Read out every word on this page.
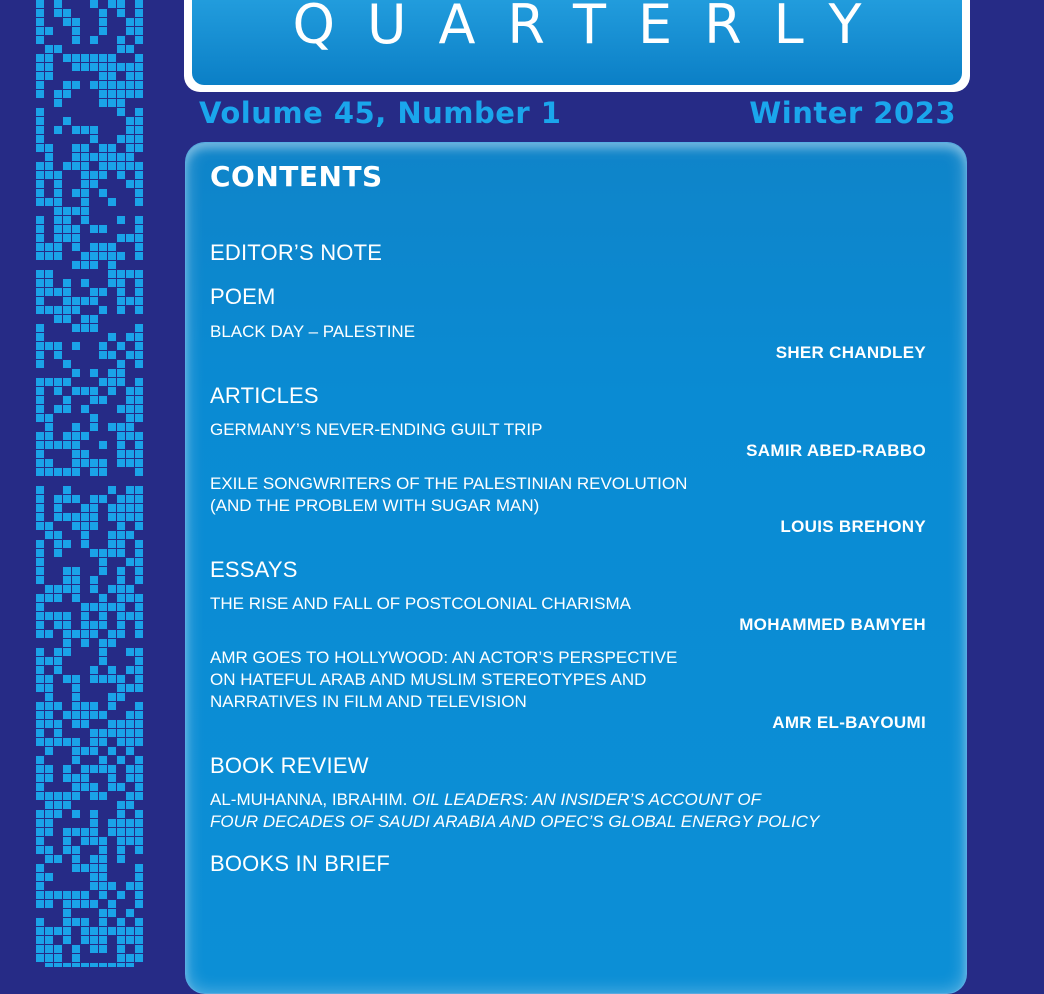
QUARTERLY
Volume 45, Number 1	Winter 2023
CONTENTS
EDITOR’S NOTE
POEM
BLACK DAY – PALESTINE
SHER CHANDLEY
ARTICLES
GERMANY’S NEVER-ENDING GUILT TRIP
SAMIR ABED-RABBO
EXILE SONGWRITERS OF THE PALESTINIAN REVOLUTION
(AND THE PROBLEM WITH SUGAR MAN)
LOUIS BREHONY
ESSAYS
THE RISE AND FALL OF POSTCOLONIAL CHARISMA
MOHAMMED BAMYEH
AMR GOES TO HOLLYWOOD: AN ACTOR’S PERSPECTIVE
ON HATEFUL ARAB AND MUSLIM STEREOTYPES AND
NARRATIVES IN FILM AND TELEVISION
AMR EL-BAYOUMI
BOOK REVIEW
AL-MUHANNA, IBRAHIM. OIL LEADERS: AN INSIDER’S ACCOUNT OF
FOUR DECADES OF SAUDI ARABIA AND OPEC’S GLOBAL ENERGY POLICY
BOOKS IN BRIEF
